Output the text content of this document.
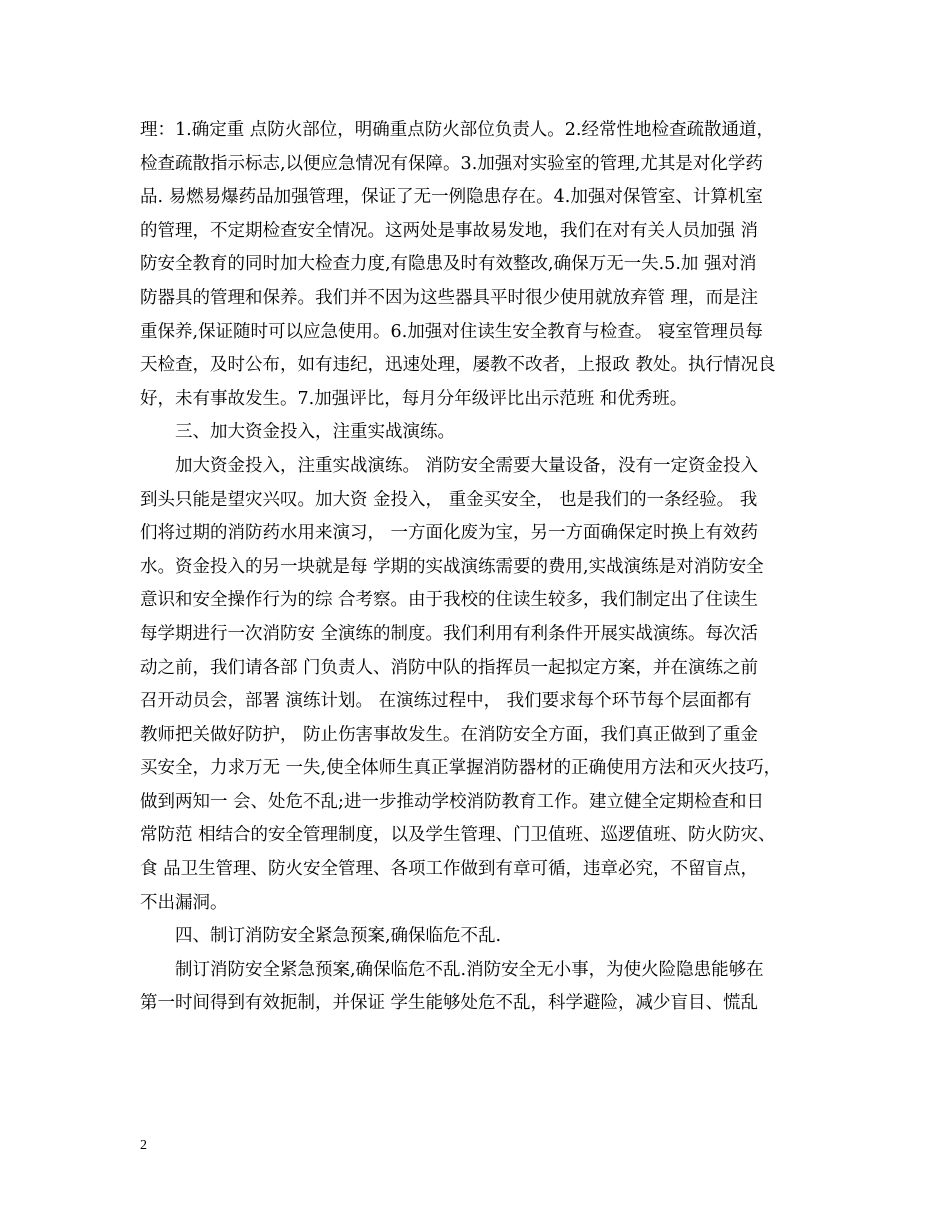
理：1.确定重 点防火部位，明确重点防火部位负责人。2.经常性地检查疏散通道，
检查疏散指示标志,以便应急情况有保障。3.加强对实验室的管理,尤其是对化学药
品. 易燃易爆药品加强管理，保证了无一例隐患存在。4.加强对保管室、计算机室
的管理，不定期检查安全情况。这两处是事故易发地，我们在对有关人员加强 消
防安全教育的同时加大检查力度,有隐患及时有效整改,确保万无一失.5.加 强对消
防器具的管理和保养。我们并不因为这些器具平时很少使用就放弃管 理，而是注
重保养,保证随时可以应急使用。6.加强对住读生安全教育与检查。 寝室管理员每
天检查，及时公布，如有违纪，迅速处理，屡教不改者，上报政 教处。执行情况良
好，未有事故发生。7.加强评比，每月分年级评比出示范班 和优秀班。
三、加大资金投入，注重实战演练。
加大资金投入，注重实战演练。 消防安全需要大量设备，没有一定资金投入
到头只能是望灾兴叹。加大资 金投入， 重金买安全， 也是我们的一条经验。 我
们将过期的消防药水用来演习， 一方面化废为宝，另一方面确保定时换上有效药
水。资金投入的另一块就是每 学期的实战演练需要的费用,实战演练是对消防安全
意识和安全操作行为的综 合考察。由于我校的住读生较多，我们制定出了住读生
每学期进行一次消防安 全演练的制度。我们利用有利条件开展实战演练。每次活
动之前，我们请各部 门负责人、消防中队的指挥员一起拟定方案，并在演练之前
召开动员会，部署 演练计划。 在演练过程中， 我们要求每个环节每个层面都有
教师把关做好防护， 防止伤害事故发生。在消防安全方面，我们真正做到了重金
买安全，力求万无 一失,使全体师生真正掌握消防器材的正确使用方法和灭火技巧，
做到两知一 会、处危不乱;进一步推动学校消防教育工作。建立健全定期检查和日
常防范 相结合的安全管理制度，以及学生管理、门卫值班、巡逻值班、防火防灾、
食 品卫生管理、防火安全管理、各项工作做到有章可循，违章必究，不留盲点，
不出漏洞。
四、制订消防安全紧急预案,确保临危不乱.
制订消防安全紧急预案,确保临危不乱.消防安全无小事，为使火险隐患能够在
第一时间得到有效扼制，并保证 学生能够处危不乱，科学避险，减少盲目、慌乱
2
